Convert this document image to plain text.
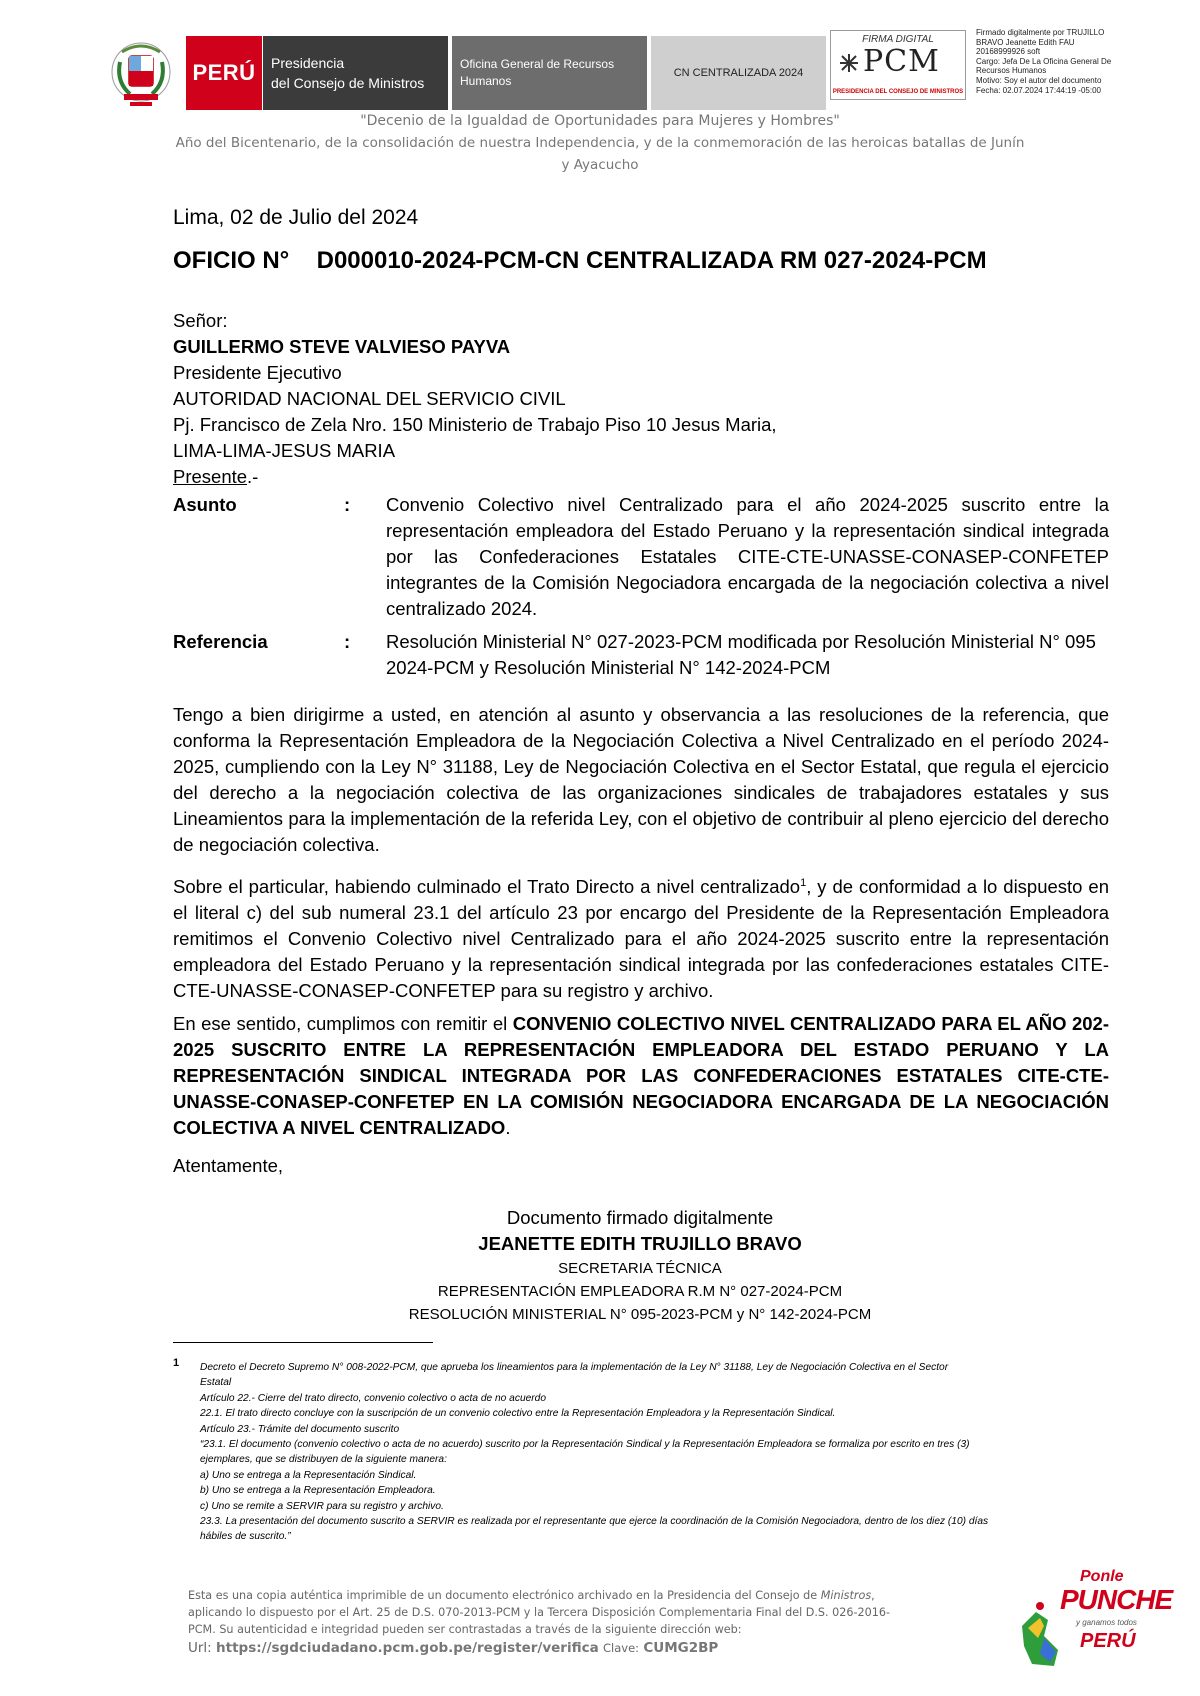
PERÚ Presidencia
del Consejo de Ministros
Oficina General de Recursos
Humanos
CN CENTRALIZADA 2024
FIRMA DIGITAL
PCM
PRESIDENCIA DEL CONSEJO DE MINISTROS
Firmado digitalmente por TRUJILLO
BRAVO Jeanette Edith FAU
20168999926 soft
Cargo: Jefa De La Oficina General De
Recursos Humanos
Motivo: Soy el autor del documento
Fecha: 02.07.2024 17:44:19 -05:00
"Decenio de la Igualdad de Oportunidades para Mujeres y Hombres"
Año del Bicentenario, de la consolidación de nuestra Independencia, y de la conmemoración de las heroicas batallas de Junín
y Ayacucho
Lima, 02 de Julio del 2024
OFICIO N° D000010-2024-PCM-CN CENTRALIZADA RM 027-2024-PCM
Señor:
GUILLERMO STEVE VALVIESO PAYVA
Presidente Ejecutivo
AUTORIDAD NACIONAL DEL SERVICIO CIVIL
Pj. Francisco de Zela Nro. 150 Ministerio de Trabajo Piso 10 Jesus Maria,
LIMA-LIMA-JESUS MARIA
Presente.-
Asunto	: Convenio Colectivo nivel Centralizado para el año 2024-2025 suscrito entre la representación empleadora del Estado Peruano y la representación sindical integrada por las Confederaciones Estatales CITE-CTE-UNASSE-CONASEP-CONFETEP integrantes de la Comisión Negociadora encargada de la negociación colectiva a nivel centralizado 2024.
Referencia	: Resolución Ministerial N° 027-2023-PCM modificada por Resolución Ministerial N° 095
2024-PCM y Resolución Ministerial N° 142-2024-PCM
Tengo a bien dirigirme a usted, en atención al asunto y observancia a las resoluciones de la referencia, que conforma la Representación Empleadora de la Negociación Colectiva a Nivel Centralizado en el período 2024-2025, cumpliendo con la Ley N° 31188, Ley de Negociación Colectiva en el Sector Estatal, que regula el ejercicio del derecho a la negociación colectiva de las organizaciones sindicales de trabajadores estatales y sus Lineamientos para la implementación de la referida Ley, con el objetivo de contribuir al pleno ejercicio del derecho de negociación colectiva.
Sobre el particular, habiendo culminado el Trato Directo a nivel centralizado$^1$, y de conformidad a lo dispuesto en el literal c) del sub numeral 23.1 del artículo 23 por encargo del Presidente de la Representación Empleadora remitimos el Convenio Colectivo nivel Centralizado para el año 2024-2025 suscrito entre la representación empleadora del Estado Peruano y la representación sindical integrada por las confederaciones estatales CITE-CTE-UNASSE-CONASEP-CONFETEP para su registro y archivo.
En ese sentido, cumplimos con remitir el CONVENIO COLECTIVO NIVEL CENTRALIZADO PARA EL AÑO 202-2025 SUSCRITO ENTRE LA REPRESENTACIÓN EMPLEADORA DEL ESTADO PERUANO Y LA REPRESENTACIÓN SINDICAL INTEGRADA POR LAS CONFEDERACIONES ESTATALES CITE-CTE-UNASSE-CONASEP-CONFETEP EN LA COMISIÓN NEGOCIADORA ENCARGADA DE LA NEGOCIACIÓN COLECTIVA A NIVEL CENTRALIZADO.
Atentamente,
Documento firmado digitalmente
JEANETTE EDITH TRUJILLO BRAVO
SECRETARIA TÉCNICA
REPRESENTACIÓN EMPLEADORA R.M N° 027-2024-PCM
RESOLUCIÓN MINISTERIAL N° 095-2023-PCM y N° 142-2024-PCM
1 Decreto el Decreto Supremo N° 008-2022-PCM, que aprueba los lineamientos para la implementación de la Ley N° 31188, Ley de Negociación Colectiva en el Sector
Estatal
Artículo 22.- Cierre del trato directo, convenio colectivo o acta de no acuerdo
22.1. El trato directo concluye con la suscripción de un convenio colectivo entre la Representación Empleadora y la Representación Sindical.
Artículo 23.- Trámite del documento suscrito
“23.1. El documento (convenio colectivo o acta de no acuerdo) suscrito por la Representación Sindical y la Representación Empleadora se formaliza por escrito en tres (3)
ejemplares, que se distribuyen de la siguiente manera:
a) Uno se entrega a la Representación Sindical.
b) Uno se entrega a la Representación Empleadora.
c) Uno se remite a SERVIR para su registro y archivo.
23.3. La presentación del documento suscrito a SERVIR es realizada por el representante que ejerce la coordinación de la Comisión Negociadora, dentro de los diez (10) días
hábiles de suscrito.”
Esta es una copia auténtica imprimible de un documento electrónico archivado en la Presidencia del Consejo de Ministros,
aplicando lo dispuesto por el Art. 25 de D.S. 070-2013-PCM y la Tercera Disposición Complementaria Final del D.S. 026-2016-
PCM. Su autenticidad e integridad pueden ser contrastadas a través de la siguiente dirección web:
Url: https://sgdciudadano.pcm.gob.pe/register/verifica Clave: CUMG2BP
Ponle
PUNCHE
y ganamos todos
PERÚ
